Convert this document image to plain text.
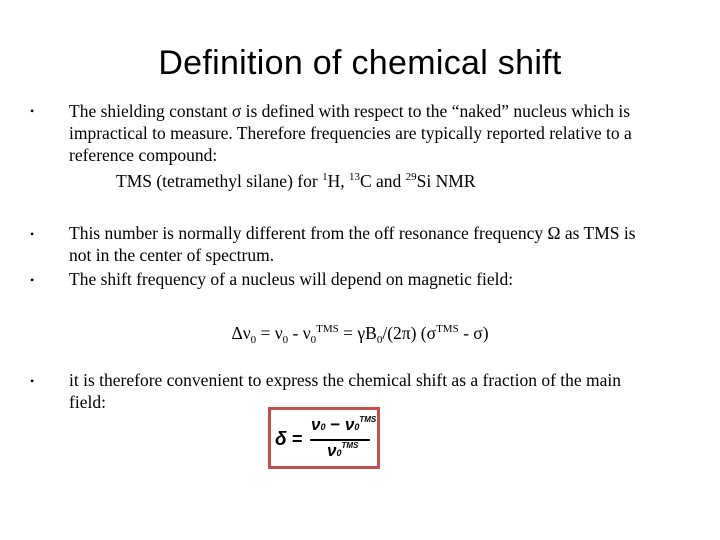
Definition of chemical shift
• The shielding constant σ is defined with respect to the “naked” nucleus which is
impractical to measure. Therefore frequencies are typically reported relative to a
reference compound:
TMS (tetramethyl silane) for $^1$H, $^{13}$C and $^{29}$Si NMR
• This number is normally different from the off resonance frequency Ω as TMS is
not in the center of spectrum.
• The shift frequency of a nucleus will depend on magnetic field:
$\Delta\nu_0 = \nu_0 - \nu_0^{TMS} = \gamma B_0/(2\pi)$ $(\sigma^{TMS} - \sigma)$
• it is therefore convenient to express the chemical shift as a fraction of the main
field:
δ =
$\nu 0 - \nu 0^{TMS}$
$\nu 0^{TMS}$
